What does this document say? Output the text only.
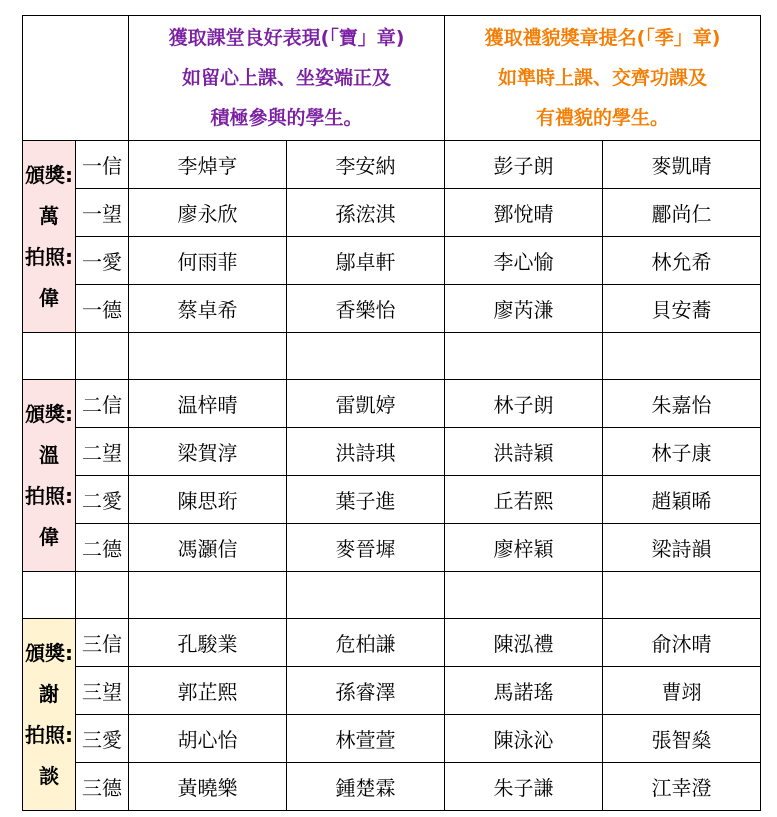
		獲取課堂良好表現(「寶」章)
如留心上課、坐姿端正及
積極參與的學生。		獲取禮貌獎章提名(「季」章)
如準時上課、交齊功課及
有禮貌的學生。	

頒獎:
萬
拍照:
偉	一信	李焯亨	李安納	彭子朗	麥凱晴
	一望	廖永欣	孫浤淇	鄧悅晴	酈尚仁
	一愛	何雨菲	鄔卓軒	李心愉	林允希
	一德	蔡卓希	香樂怡	廖芮溓	貝安蕎

頒獎:
溫
拍照:
偉	二信	温梓晴	雷凱婷	林子朗	朱嘉怡
	二望	梁賀淳	洪詩琪	洪詩穎	林子康
	二愛	陳思珩	葉子進	丘若熙	趙穎晞
	二德	馮灝信	麥晉墀	廖梓穎	梁詩韻

頒獎:
謝
拍照:
談	三信	孔駿業	危柏謙	陳泓禮	俞沐晴
	三望	郭芷熙	孫睿澤	馬諾瑤	曹翊
	三愛	胡心怡	林萱萱	陳泳沁	張智燊
	三德	黃曉樂	鍾楚霖	朱子謙	江幸澄
